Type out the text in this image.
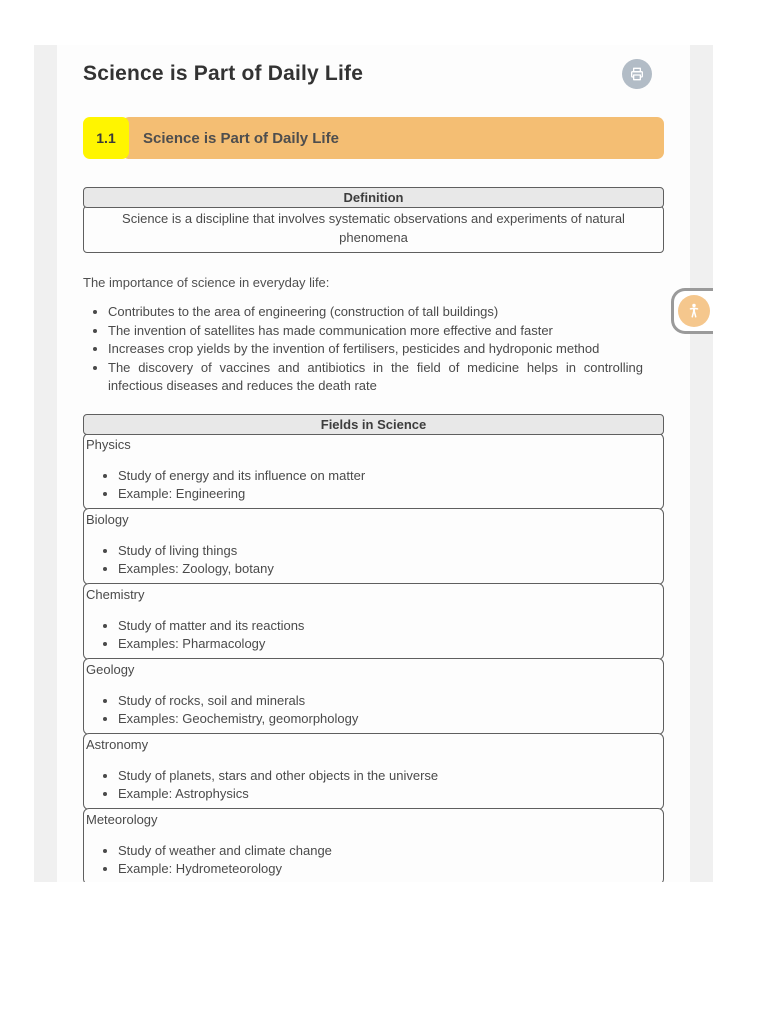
Science is Part of Daily Life
1.1	Science is Part of Daily Life
Definition
Science is a discipline that involves systematic observations and experiments of natural phenomena

The importance of science in everyday life:

• Contributes to the area of engineering (construction of tall buildings)
• The invention of satellites has made communication more effective and faster
• Increases crop yields by the invention of fertilisers, pesticides and hydroponic method
• The discovery of vaccines and antibiotics in the field of medicine helps in controlling infectious diseases and reduces the death rate
Fields in Science
Physics
• Study of energy and its influence on matter
• Example: Engineering
Biology
• Study of living things
• Examples: Zoology, botany
Chemistry
• Study of matter and its reactions
• Examples: Pharmacology
Geology
• Study of rocks, soil and minerals
• Examples: Geochemistry, geomorphology
Astronomy
• Study of planets, stars and other objects in the universe
• Example: Astrophysics
Meteorology
• Study of weather and climate change
• Example: Hydrometeorology
